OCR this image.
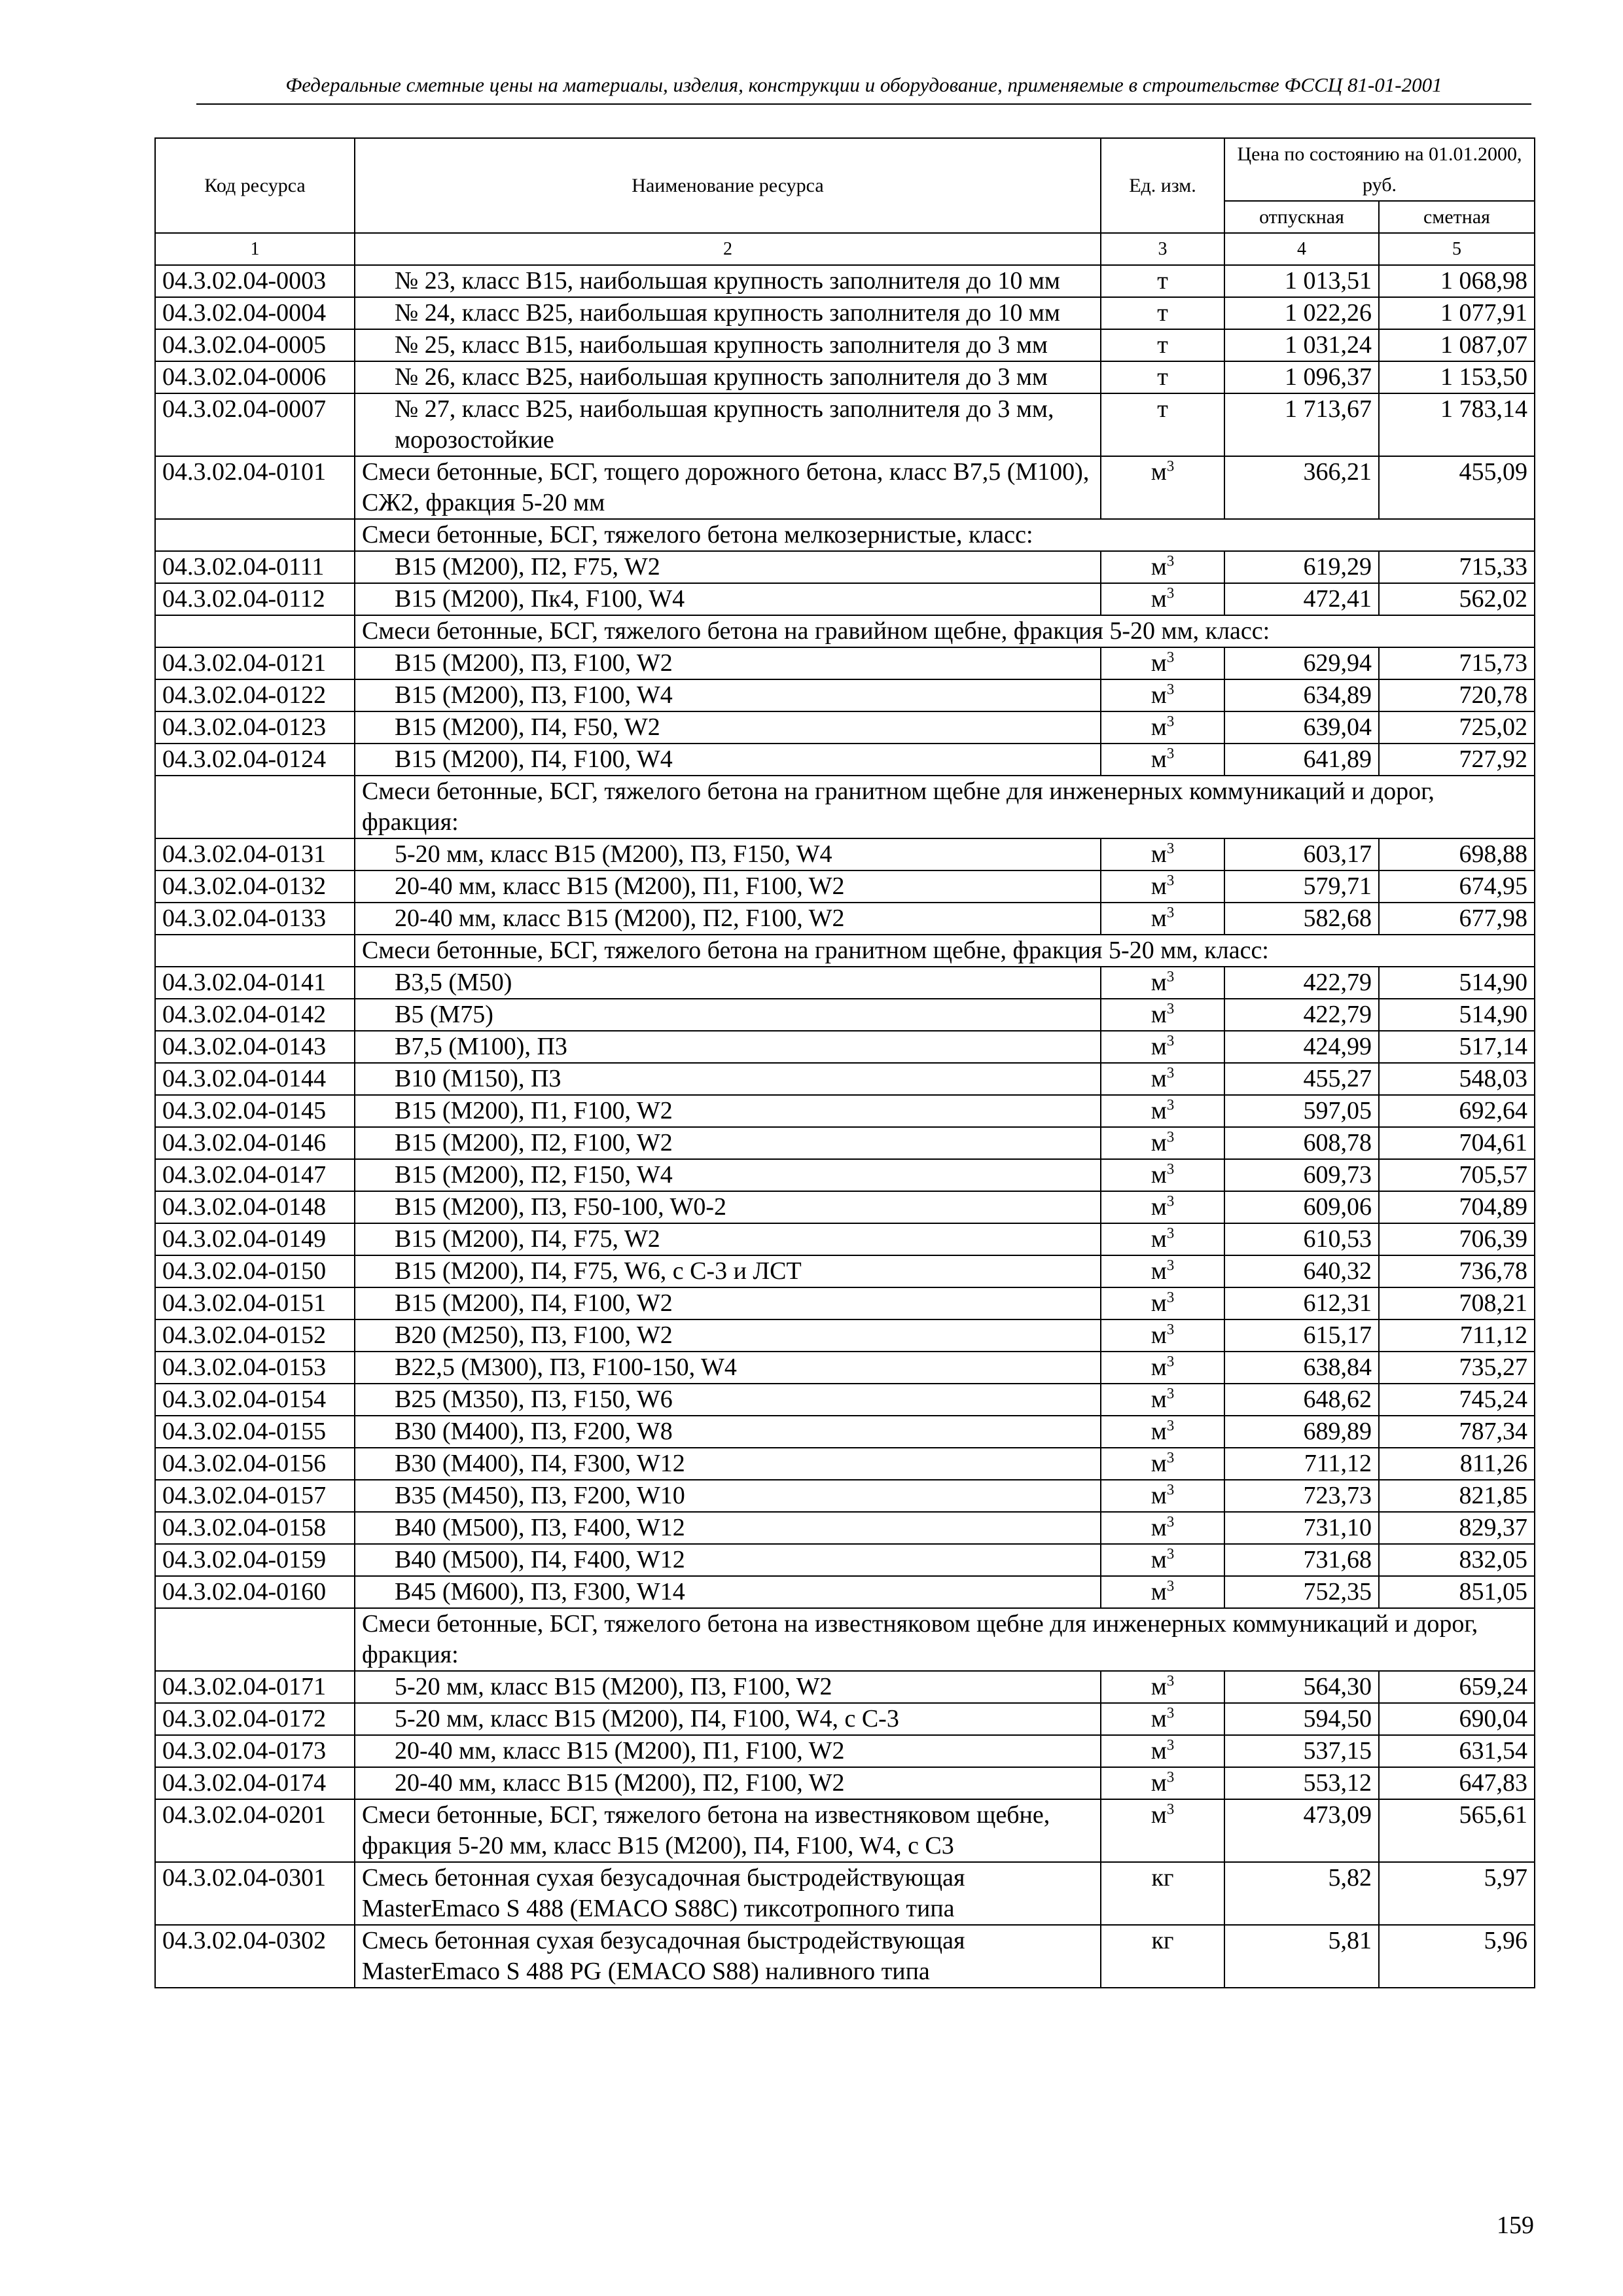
Федеральные сметные цены на материалы, изделия, конструкции и оборудование, применяемые в строительстве ФССЦ 81-01-2001
Код ресурса	Наименование ресурса	Ед. изм.	Цена по состоянию на 01.01.2000, руб.	
			отпускная	сметная
1	2	3	4	5
04.3.02.04-0003	№ 23, класс В15, наибольшая крупность заполнителя до 10 мм	т	1 013,51	1 068,98
04.3.02.04-0004	№ 24, класс В25, наибольшая крупность заполнителя до 10 мм	т	1 022,26	1 077,91
04.3.02.04-0005	№ 25, класс В15, наибольшая крупность заполнителя до 3 мм	т	1 031,24	1 087,07
04.3.02.04-0006	№ 26, класс В25, наибольшая крупность заполнителя до 3 мм	т	1 096,37	1 153,50
04.3.02.04-0007	№ 27, класс В25, наибольшая крупность заполнителя до 3 мм, морозостойкие	т	1 713,67	1 783,14
04.3.02.04-0101	Смеси бетонные, БСГ, тощего дорожного бетона, класс В7,5 (М100), СЖ2, фракция 5-20 мм	$м^3$	366,21	455,09
	Смеси бетонные, БСГ, тяжелого бетона мелкозернистые, класс:			
04.3.02.04-0111	В15 (М200), П2, F75, W2	$м^3$	619,29	715,33
04.3.02.04-0112	В15 (М200), Пк4, F100, W4	$м^3$	472,41	562,02
	Смеси бетонные, БСГ, тяжелого бетона на гравийном щебне, фракция 5-20 мм, класс:			
04.3.02.04-0121	В15 (М200), П3, F100, W2	$м^3$	629,94	715,73
04.3.02.04-0122	В15 (М200), П3, F100, W4	$м^3$	634,89	720,78
04.3.02.04-0123	В15 (М200), П4, F50, W2	$м^3$	639,04	725,02
04.3.02.04-0124	В15 (М200), П4, F100, W4	$м^3$	641,89	727,92
	Смеси бетонные, БСГ, тяжелого бетона на гранитном щебне для инженерных коммуникаций и дорог, фракция:			
04.3.02.04-0131	5-20 мм, класс В15 (М200), П3, F150, W4	$м^3$	603,17	698,88
04.3.02.04-0132	20-40 мм, класс В15 (М200), П1, F100, W2	$м^3$	579,71	674,95
04.3.02.04-0133	20-40 мм, класс В15 (М200), П2, F100, W2	$м^3$	582,68	677,98
	Смеси бетонные, БСГ, тяжелого бетона на гранитном щебне, фракция 5-20 мм, класс:			
04.3.02.04-0141	В3,5 (М50)	$м^3$	422,79	514,90
04.3.02.04-0142	В5 (М75)	$м^3$	422,79	514,90
04.3.02.04-0143	В7,5 (М100), П3	$м^3$	424,99	517,14
04.3.02.04-0144	В10 (М150), П3	$м^3$	455,27	548,03
04.3.02.04-0145	В15 (М200), П1, F100, W2	$м^3$	597,05	692,64
04.3.02.04-0146	В15 (М200), П2, F100, W2	$м^3$	608,78	704,61
04.3.02.04-0147	В15 (М200), П2, F150, W4	$м^3$	609,73	705,57
04.3.02.04-0148	В15 (М200), П3, F50-100, W0-2	$м^3$	609,06	704,89
04.3.02.04-0149	В15 (М200), П4, F75, W2	$м^3$	610,53	706,39
04.3.02.04-0150	В15 (М200), П4, F75, W6, с С-3 и ЛСТ	$м^3$	640,32	736,78
04.3.02.04-0151	В15 (М200), П4, F100, W2	$м^3$	612,31	708,21
04.3.02.04-0152	В20 (М250), П3, F100, W2	$м^3$	615,17	711,12
04.3.02.04-0153	В22,5 (М300), П3, F100-150, W4	$м^3$	638,84	735,27
04.3.02.04-0154	В25 (М350), П3, F150, W6	$м^3$	648,62	745,24
04.3.02.04-0155	В30 (М400), П3, F200, W8	$м^3$	689,89	787,34
04.3.02.04-0156	В30 (М400), П4, F300, W12	$м^3$	711,12	811,26
04.3.02.04-0157	В35 (М450), П3, F200, W10	$м^3$	723,73	821,85
04.3.02.04-0158	В40 (М500), П3, F400, W12	$м^3$	731,10	829,37
04.3.02.04-0159	В40 (М500), П4, F400, W12	$м^3$	731,68	832,05
04.3.02.04-0160	В45 (М600), П3, F300, W14	$м^3$	752,35	851,05
	Смеси бетонные, БСГ, тяжелого бетона на известняковом щебне для инженерных коммуникаций и дорог, фракция:			
04.3.02.04-0171	5-20 мм, класс В15 (М200), П3, F100, W2	$м^3$	564,30	659,24
04.3.02.04-0172	5-20 мм, класс В15 (М200), П4, F100, W4, с С-3	$м^3$	594,50	690,04
04.3.02.04-0173	20-40 мм, класс В15 (М200), П1, F100, W2	$м^3$	537,15	631,54
04.3.02.04-0174	20-40 мм, класс В15 (М200), П2, F100, W2	$м^3$	553,12	647,83
04.3.02.04-0201	Смеси бетонные, БСГ, тяжелого бетона на известняковом щебне, фракция 5-20 мм, класс В15 (М200), П4, F100, W4, с С3	$м^3$	473,09	565,61
04.3.02.04-0301	Смесь бетонная сухая безусадочная быстродействующая MasterEmaco S 488 (EMACO S88C) тиксотропного типа	кг	5,82	5,97
04.3.02.04-0302	Смесь бетонная сухая безусадочная быстродействующая MasterEmaco S 488 PG (EMACO S88) наливного типа	кг	5,81	5,96
159
